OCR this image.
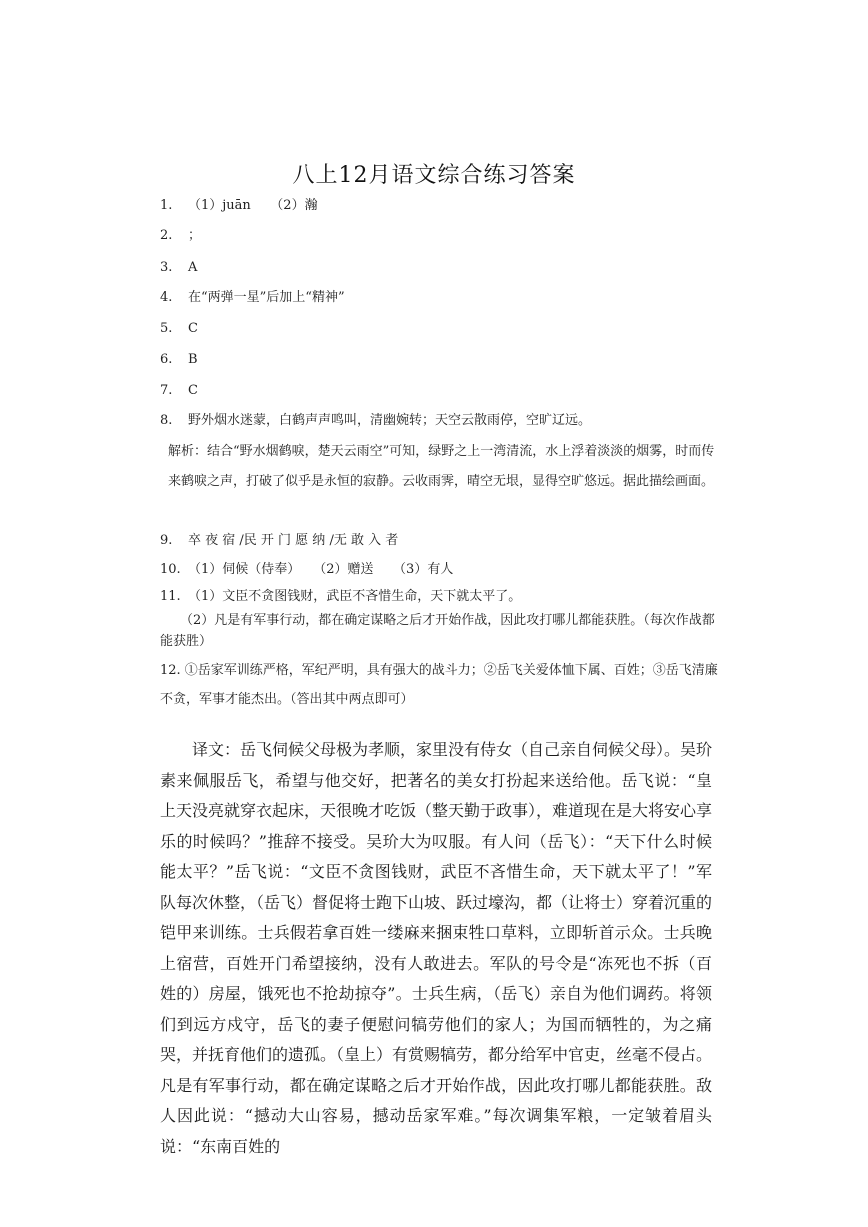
八上12月语文综合练习答案
1. （1）juān　　（2）瀚
2. ；
3. A
4. 在“两弹一星”后加上“精神”
5. C
6. B
7. C
8. 野外烟水迷蒙，白鹤声声鸣叫，清幽婉转；天空云散雨停，空旷辽远。
解析：结合“野水烟鹤唳，楚天云雨空”可知，绿野之上一湾清流，水上浮着淡淡的烟雾，时而传来鹤唳之声，打破了似乎是永恒的寂静。云收雨霁，晴空无垠，显得空旷悠远。据此描绘画面。
9. 卒 夜 宿 /民 开 门 愿 纳 /无 敢 入 者
10. （1）伺候（侍奉）　　（2）赠送　　（3）有人
11. （1）文臣不贪图钱财，武臣不吝惜生命，天下就太平了。
（2）凡是有军事行动，都在确定谋略之后才开始作战，因此攻打哪儿都能获胜。（每次作战都能获胜）
12. ①岳家军训练严格，军纪严明，具有强大的战斗力；②岳飞关爱体恤下属、百姓；③岳飞清廉不贪，军事才能杰出。（答出其中两点即可）
译文：岳飞伺候父母极为孝顺，家里没有侍女（自己亲自伺候父母）。吴玠素来佩服岳飞，希望与他交好，把著名的美女打扮起来送给他。岳飞说：“皇上天没亮就穿衣起床，天很晚才吃饭（整天勤于政事），难道现在是大将安心享乐的时候吗？”推辞不接受。吴玠大为叹服。有人问（岳飞）：“天下什么时候能太平？”岳飞说：“文臣不贪图钱财，武臣不吝惜生命，天下就太平了！”军队每次休整，（岳飞）督促将士跑下山坡、跃过壕沟，都（让将士）穿着沉重的铠甲来训练。士兵假若拿百姓一缕麻来捆束牲口草料，立即斩首示众。士兵晚上宿营，百姓开门希望接纳，没有人敢进去。军队的号令是“冻死也不拆（百姓的）房屋，饿死也不抢劫掠夺”。士兵生病，（岳飞）亲自为他们调药。将领们到远方戍守，岳飞的妻子便慰问犒劳他们的家人；为国而牺牲的，为之痛哭，并抚育他们的遗孤。（皇上）有赏赐犒劳，都分给军中官吏，丝毫不侵占。凡是有军事行动，都在确定谋略之后才开始作战，因此攻打哪儿都能获胜。敌人因此说：“撼动大山容易，撼动岳家军难。”每次调集军粮，一定皱着眉头说：“东南百姓的
